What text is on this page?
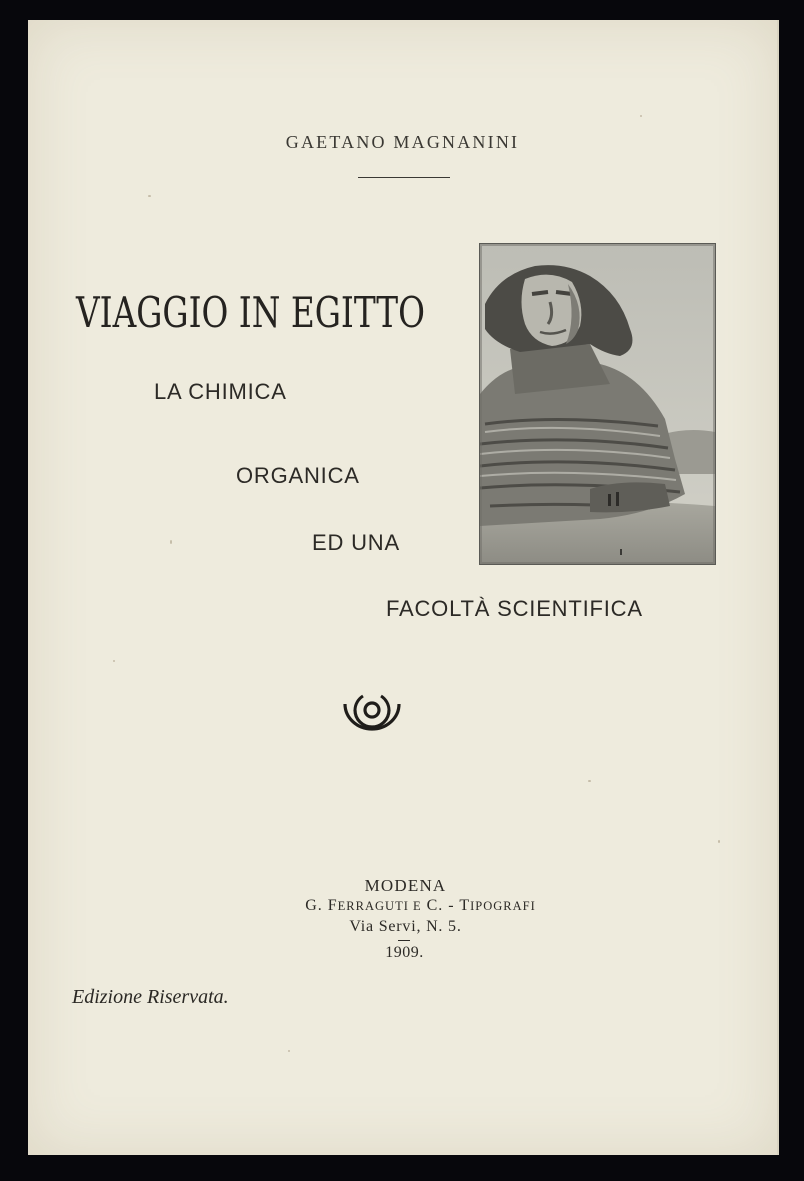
GAETANO MAGNANINI
VIAGGIO IN EGITTO
LA CHIMICA
ORGANICA
ED UNA
FACOLTÀ SCIENTIFICA
MODENA
G. FERRAGUTI E C. - TIPOGRAFI
Via Servi, N. 5.
1909.
Edizione Riservata.
